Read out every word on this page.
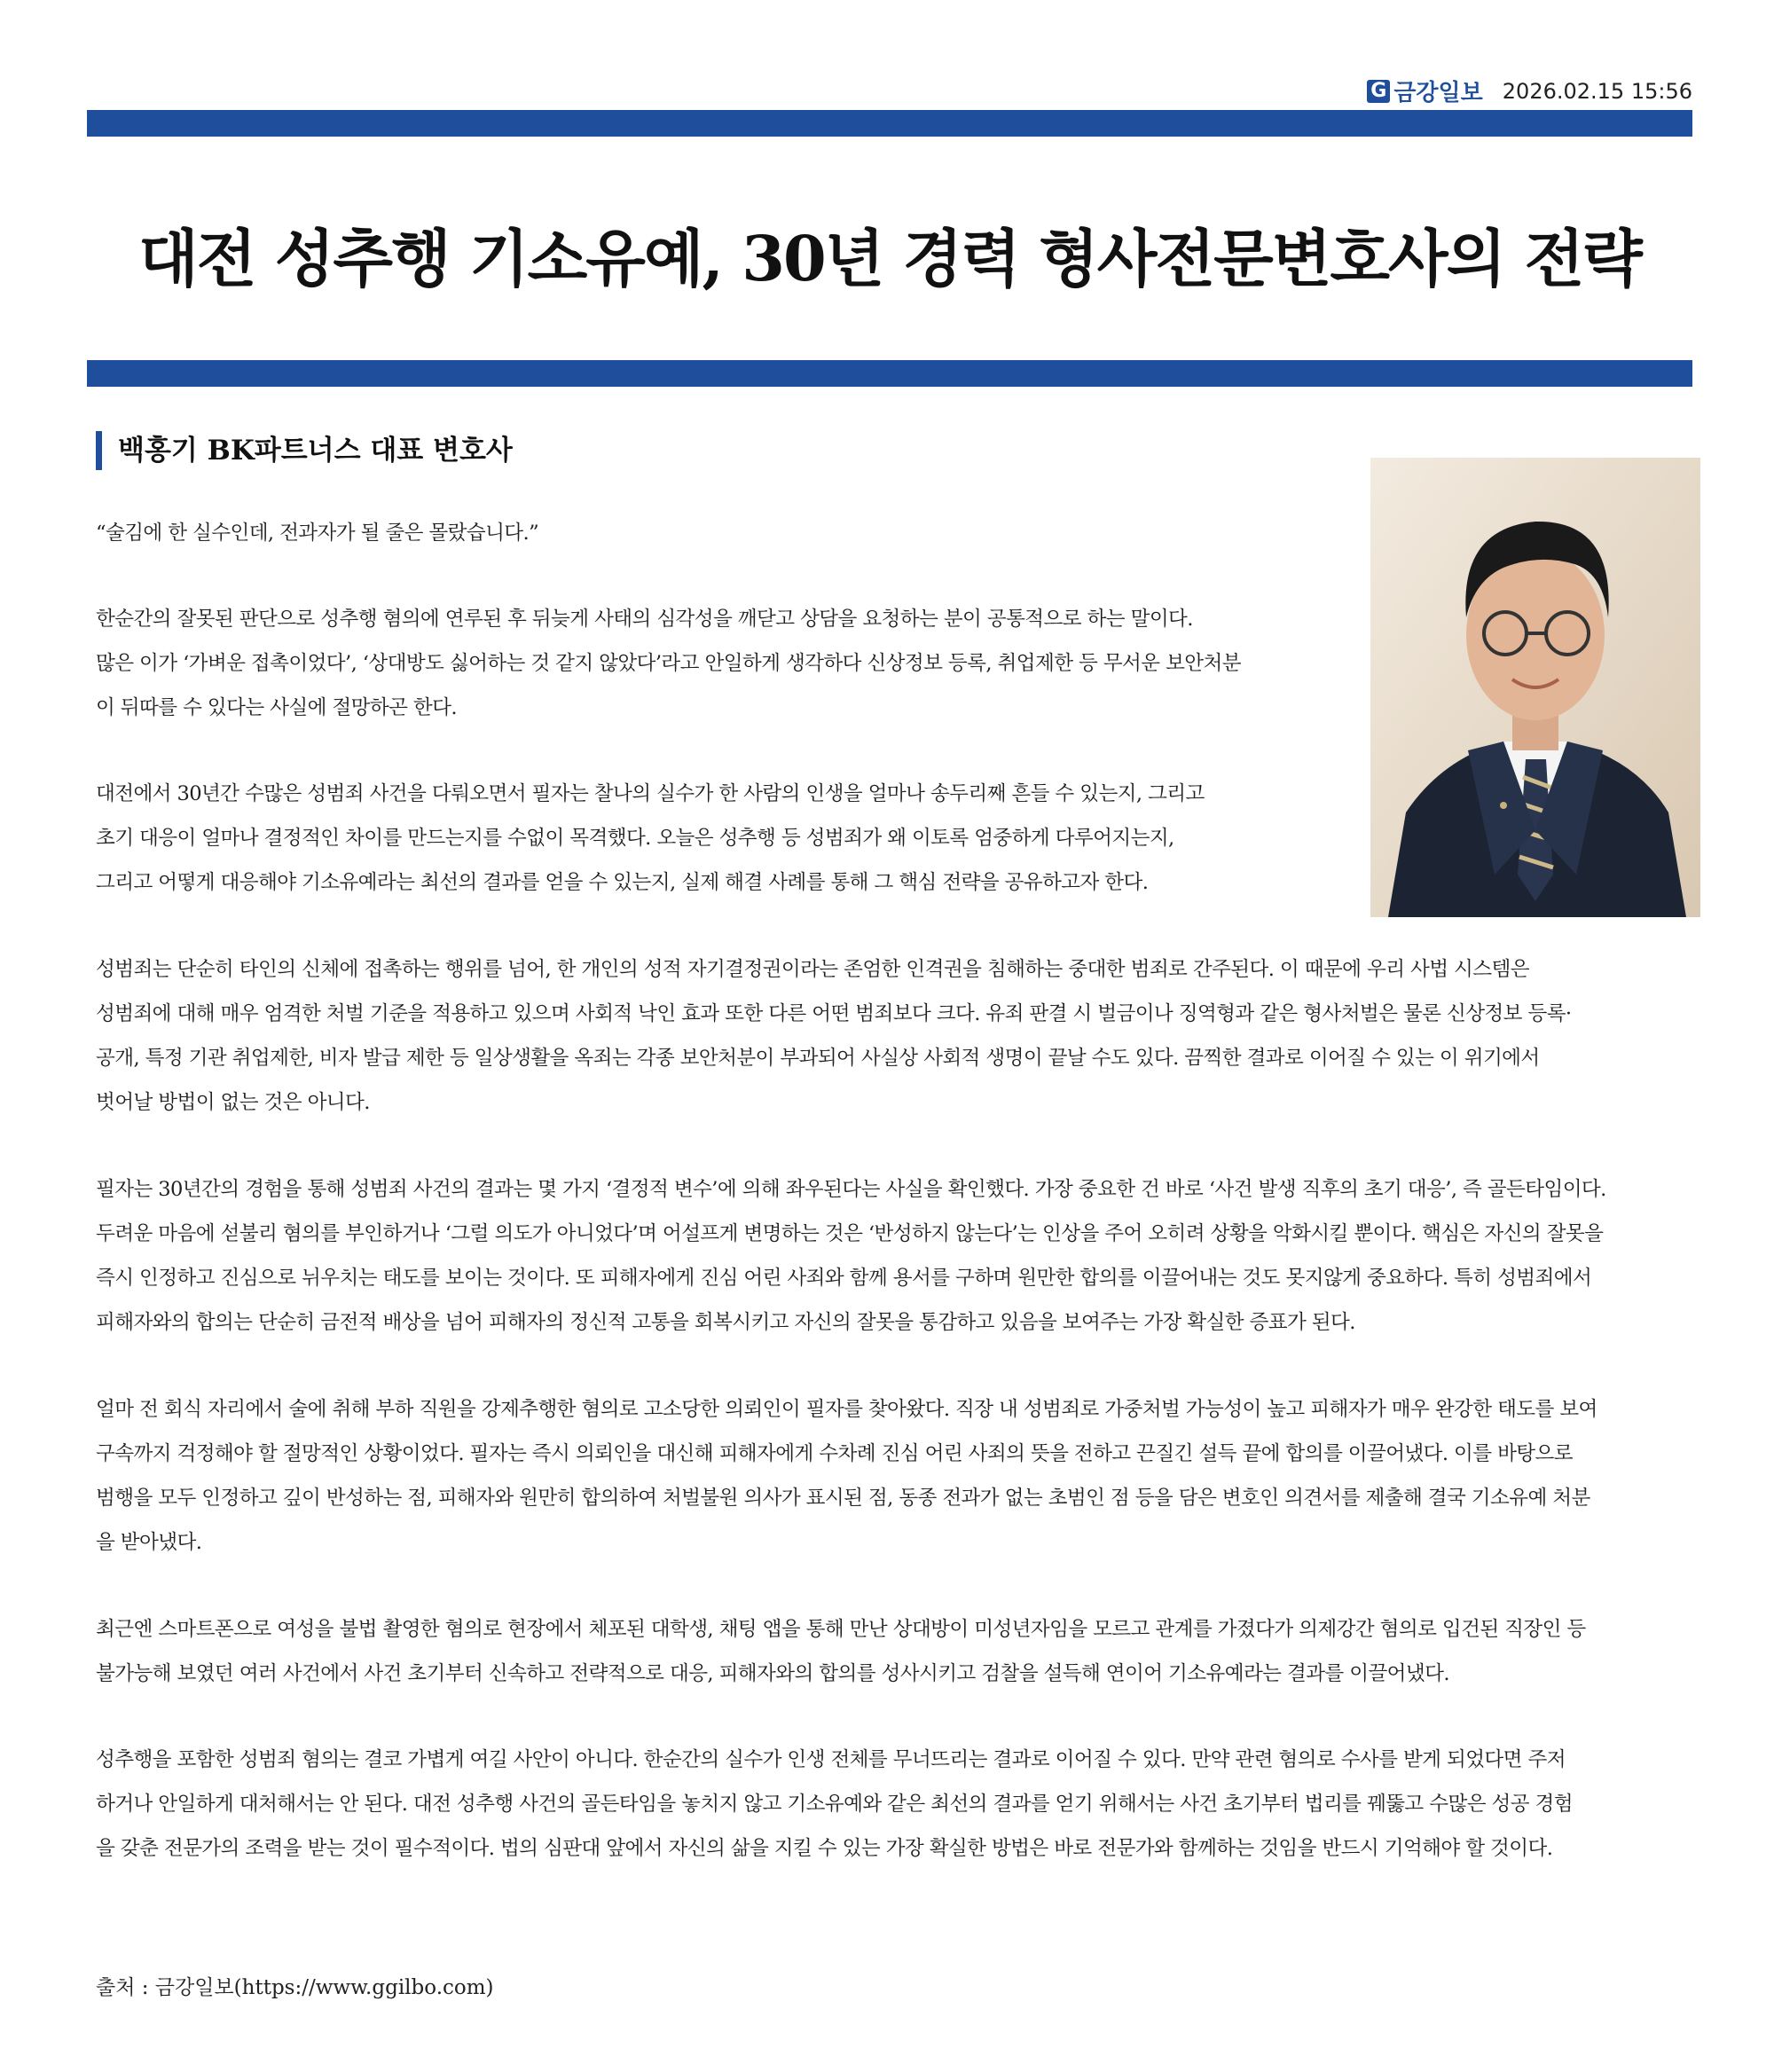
G 금강일보 2026.02.15 15:56
대전 성추행 기소유예, 30년 경력 형사전문변호사의 전략
백홍기 BK파트너스 대표 변호사

“술김에 한 실수인데, 전과자가 될 줄은 몰랐습니다.”

한순간의 잘못된 판단으로 성추행 혐의에 연루된 후 뒤늦게 사태의 심각성을 깨닫고 상담을 요청하는 분이 공통적으로 하는 말이다.

많은 이가 ‘가벼운 접촉이었다’, ‘상대방도 싫어하는 것 같지 않았다’라고 안일하게 생각하다 신상정보 등록, 취업제한 등 무서운 보안처분

이 뒤따를 수 있다는 사실에 절망하곤 한다.

대전에서 30년간 수많은 성범죄 사건을 다뤄오면서 필자는 찰나의 실수가 한 사람의 인생을 얼마나 송두리째 흔들 수 있는지, 그리고

초기 대응이 얼마나 결정적인 차이를 만드는지를 수없이 목격했다. 오늘은 성추행 등 성범죄가 왜 이토록 엄중하게 다루어지는지,

그리고 어떻게 대응해야 기소유예라는 최선의 결과를 얻을 수 있는지, 실제 해결 사례를 통해 그 핵심 전략을 공유하고자 한다.

성범죄는 단순히 타인의 신체에 접촉하는 행위를 넘어, 한 개인의 성적 자기결정권이라는 존엄한 인격권을 침해하는 중대한 범죄로 간주된다. 이 때문에 우리 사법 시스템은

성범죄에 대해 매우 엄격한 처벌 기준을 적용하고 있으며 사회적 낙인 효과 또한 다른 어떤 범죄보다 크다. 유죄 판결 시 벌금이나 징역형과 같은 형사처벌은 물론 신상정보 등록·

공개, 특정 기관 취업제한, 비자 발급 제한 등 일상생활을 옥죄는 각종 보안처분이 부과되어 사실상 사회적 생명이 끝날 수도 있다. 끔찍한 결과로 이어질 수 있는 이 위기에서

벗어날 방법이 없는 것은 아니다.

필자는 30년간의 경험을 통해 성범죄 사건의 결과는 몇 가지 ‘결정적 변수’에 의해 좌우된다는 사실을 확인했다. 가장 중요한 건 바로 ‘사건 발생 직후의 초기 대응’, 즉 골든타임이다.

두려운 마음에 섣불리 혐의를 부인하거나 ‘그럴 의도가 아니었다’며 어설프게 변명하는 것은 ‘반성하지 않는다’는 인상을 주어 오히려 상황을 악화시킬 뿐이다. 핵심은 자신의 잘못을

즉시 인정하고 진심으로 뉘우치는 태도를 보이는 것이다. 또 피해자에게 진심 어린 사죄와 함께 용서를 구하며 원만한 합의를 이끌어내는 것도 못지않게 중요하다. 특히 성범죄에서

피해자와의 합의는 단순히 금전적 배상을 넘어 피해자의 정신적 고통을 회복시키고 자신의 잘못을 통감하고 있음을 보여주는 가장 확실한 증표가 된다.

얼마 전 회식 자리에서 술에 취해 부하 직원을 강제추행한 혐의로 고소당한 의뢰인이 필자를 찾아왔다. 직장 내 성범죄로 가중처벌 가능성이 높고 피해자가 매우 완강한 태도를 보여

구속까지 걱정해야 할 절망적인 상황이었다. 필자는 즉시 의뢰인을 대신해 피해자에게 수차례 진심 어린 사죄의 뜻을 전하고 끈질긴 설득 끝에 합의를 이끌어냈다. 이를 바탕으로

범행을 모두 인정하고 깊이 반성하는 점, 피해자와 원만히 합의하여 처벌불원 의사가 표시된 점, 동종 전과가 없는 초범인 점 등을 담은 변호인 의견서를 제출해 결국 기소유예 처분

을 받아냈다.

최근엔 스마트폰으로 여성을 불법 촬영한 혐의로 현장에서 체포된 대학생, 채팅 앱을 통해 만난 상대방이 미성년자임을 모르고 관계를 가졌다가 의제강간 혐의로 입건된 직장인 등

불가능해 보였던 여러 사건에서 사건 초기부터 신속하고 전략적으로 대응, 피해자와의 합의를 성사시키고 검찰을 설득해 연이어 기소유예라는 결과를 이끌어냈다.

성추행을 포함한 성범죄 혐의는 결코 가볍게 여길 사안이 아니다. 한순간의 실수가 인생 전체를 무너뜨리는 결과로 이어질 수 있다. 만약 관련 혐의로 수사를 받게 되었다면 주저

하거나 안일하게 대처해서는 안 된다. 대전 성추행 사건의 골든타임을 놓치지 않고 기소유예와 같은 최선의 결과를 얻기 위해서는 사건 초기부터 법리를 꿰뚫고 수많은 성공 경험

을 갖춘 전문가의 조력을 받는 것이 필수적이다. 법의 심판대 앞에서 자신의 삶을 지킬 수 있는 가장 확실한 방법은 바로 전문가와 함께하는 것임을 반드시 기억해야 할 것이다.

출처 : 금강일보(https://www.ggilbo.com)
